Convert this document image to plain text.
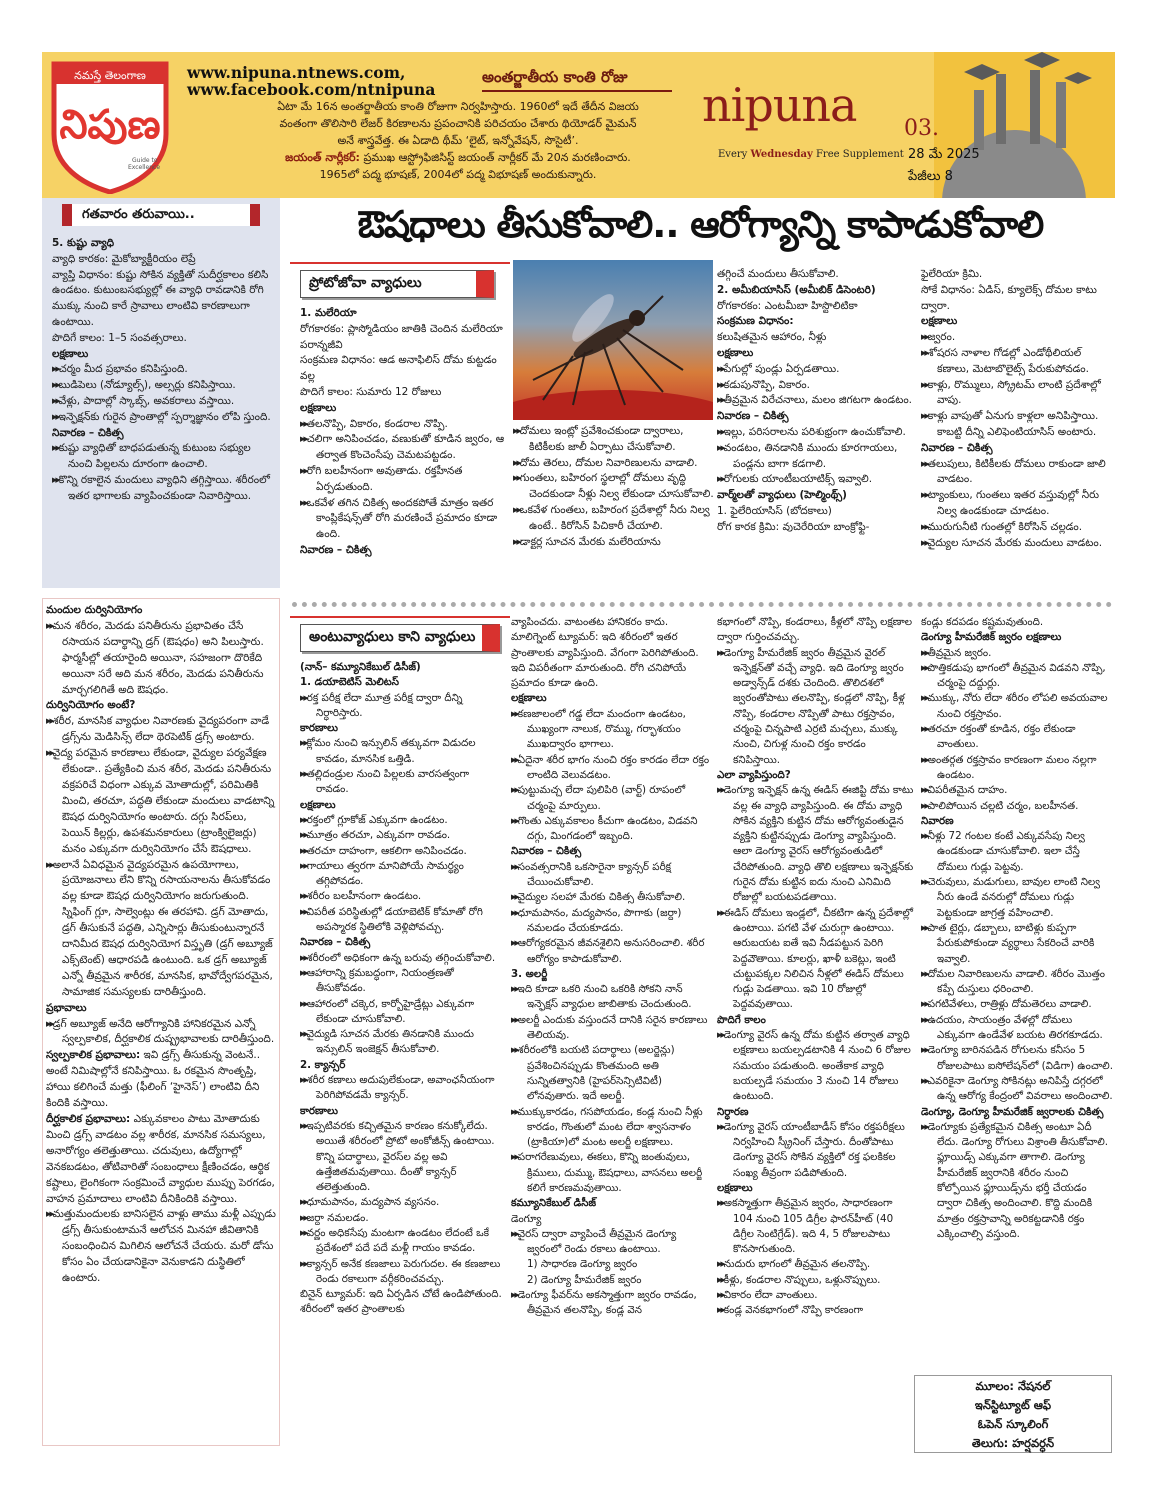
నమస్తే తెలంగాణ
నిపుణ
Guide to
Excellence
www.nipuna.ntnews.com,
www.facebook.com/ntnipuna
అంతర్జాతీయ కాంతి రోజు
ఏటా మే 16న అంతర్జాతీయ కాంతి రోజుగా నిర్వహిస్తారు. 1960లో ఇదే తేదీన విజయ
వంతంగా తొలిసారి లేజర్ కిరణాలను ప్రపంచానికి పరిచయం చేశారు థియోడర్ మైమన్
అనే శాస్త్రవేత్త. ఈ ఏడాది థీమ్ ‘లైట్, ఇన్నోవేషన్, సొసైటీ’.
జయంత్ నార్లీకర్: ప్రముఖ ఆస్ట్రోఫిజిసిస్ట్ జయంత్ నార్లీకర్ మే 20న మరణించారు.
1965లో పద్మ భూషణ్, 2004లో పద్మ విభూషణ్ అందుకున్నారు.
nipuna
Every Wednesday Free Supplement
03.
28 మే 2025
పేజీలు 8
గతవారం తరువాయి..

5. కుష్టు వ్యాధి

వ్యాధి కారకం: మైకోబ్యాక్టీరియం లెప్రే

వ్యాప్తి విధానం: కుష్టు సోకిన వ్యక్తితో సుదీర్ఘకాలం కలిసి ఉండటం. కుటుంబసభ్యుల్లో ఈ వ్యాధి రావడానికి రోగి ముక్కు నుంచి కారే స్రావాలు లాంటివి కారణాలుగా ఉంటాయి.

పొదిగే కాలం: 1–5 సంవత్సరాలు.

లక్షణాలు

▶▶ చర్మం మీద ప్రభావం కనిపిస్తుంది.

▶▶ బుడిపెలు (నోడ్యూల్స్), అల్సర్లు కనిపిస్తాయి.

▶▶ వేళ్లు, పాదాల్లో స్కాబ్స్, అవకరాలు వస్తాయి.

▶▶ ఇన్ఫెక్షన్‌కు గురైన ప్రాంతాల్లో స్పర్శాజ్ఞానం లోపి స్తుంది.

నివారణ – చికిత్స

▶▶ కుష్టు వ్యాధితో బాధపడుతున్న కుటుంబ సభ్యుల నుంచి పిల్లలను దూరంగా ఉంచాలి.

▶▶ కొన్ని రకాలైన మందులు వ్యాధిని తగ్గిస్తాయి. శరీరంలో ఇతర భాగాలకు వ్యాపించకుండా నివారిస్తాయి.

మందుల దుర్వినియోగం

▶▶ మన శరీరం, మెదడు పనితీరును ప్రభావితం చేసే రసాయన పదార్థాన్ని డ్రగ్ (ఔషధం) అని పిలుస్తారు. ఫార్మసీల్లో తయారైంది అయినా, సహజంగా దొరికేది అయినా సరే అది మన శరీరం, మెదడు పనితీరును మార్చగలిగితే అది ఔషధం.

దుర్వినియోగం అంటే?

▶▶ శరీర, మానసిక వ్యాధుల నివారణకు వైద్యపరంగా వాడే డ్రగ్స్‌ను మెడిసిన్స్ లేదా థెరపెటిక్ డ్రగ్స్ అంటారు.

▶▶ వైద్య పరమైన కారణాలు లేకుండా, వైద్యుల పర్యవేక్షణ లేకుండా.. ప్రత్యేకించి మన శరీర, మెదడు పనితీరును వక్రపరిచే విధంగా ఎక్కువ మోతాదుల్లో, పరిమితికి మించి, తరచూ, పద్ధతి లేకుండా మందులు వాడటాన్ని ఔషధ దుర్వినియోగం అంటారు. దగ్గు సిరప్‌లు, పెయిన్ కిల్లర్లు, ఉపశమనకారులు (ట్రాంక్విలైజర్లు) మనం ఎక్కువగా దుర్వినియోగం చేసే ఔషధాలు.

▶▶ అలానే ఏవిధమైన వైద్యపరమైన ఉపయోగాలు, ప్రయోజనాలు లేని కొన్ని రసాయనాలను తీసుకోవడం వల్ల కూడా ఔషధ దుర్వినియోగం జరుగుతుంది. స్నిఫింగ్ గ్లూ, సాల్వెంట్లు ఈ తరహావి. డ్రగ్ మోతాదు, డ్రగ్ తీసుకునే పద్ధతి, ఎన్నిసార్లు తీసుకుంటున్నారనే దానిమీద ఔషధ దుర్వినియోగ విస్తృతి (డ్రగ్ అబ్యూజ్ ఎక్స్‌టెంట్) ఆధారపడి ఉంటుంది. ఒక డ్రగ్ అబ్యూజ్ ఎన్నో తీవ్రమైన శారీరక, మానసిక, భావోద్వేగపరమైన, సామాజిక సమస్యలకు దారితీస్తుంది.

ప్రభావాలు

▶▶ డ్రగ్ అబ్యూజ్ అనేది ఆరోగ్యానికి హానికరమైన ఎన్నో స్వల్పకాలిక, దీర్ఘకాలిక దుష్ప్రభావాలకు దారితీస్తుంది.

స్వల్పకాలిక ప్రభావాలు: ఇవి డ్రగ్స్ తీసుకున్న వెంటనే.. అంటే నిమిషాల్లోనే కనిపిస్తాయి. ఓ రకమైన సొంతృప్తి, హాయి కలిగించే మత్తు (ఫీలింగ్ ‘హైనెస్’) లాంటివి దీని కిందికి వస్తాయి.

దీర్ఘకాలిక ప్రభావాలు: ఎక్కువకాలం పాటు మోతాదుకు మించి డ్రగ్స్ వాడటం వల్ల శారీరక, మానసిక సమస్యలు, అనారోగ్యం తలెత్తుతాయి. చదువులు, ఉద్యోగాల్లో వెనకబడటం, తోటివారితో సంబంధాలు క్షీణించడం, ఆర్థిక కష్టాలు, లైంగికంగా సంక్రమించే వ్యాధుల ముప్పు పెరగడం, వాహన ప్రమాదాలు లాంటివి దీనికిందికి వస్తాయి.

▶▶ మత్తుమందులకు బానిసలైన వాళ్లు తాము మళ్లీ ఎప్పుడు డ్రగ్స్ తీసుకుంటామనే ఆలోచన మినహా జీవితానికి సంబంధించిన మిగిలిన ఆలోచనే చేయరు. మరో డోసు కోసం ఏం చేయడానికైనా వెనుకాడని దుస్థితిలో ఉంటారు.

ఔషధాలు తీసుకోవాలి.. ఆరోగ్యాన్ని కాపాడుకోవాలి
ప్రోటోజోవా వ్యాధులు

1. మలేరియా

రోగకారకం: ప్లాస్మోడియం జాతికి చెందిన మలేరియా పరాన్నజీవి

సంక్రమణ విధానం: ఆడ అనాఫిలిస్ దోమ కుట్టడం వల్ల

పొదిగే కాలం: సుమారు 12 రోజులు

లక్షణాలు

▶▶ తలనొప్పి, వికారం, కండరాల నొప్పి.

▶▶ చలిగా అనిపించడం, వణుకుతో కూడిన జ్వరం, ఆ తర్వాత కొంచెంసేపు చెమటపట్టడం.

▶▶ రోగి బలహీనంగా అవుతాడు. రక్తహీనత ఏర్పడుతుంది.

▶▶ ఒకవేళ తగిన చికిత్స అందకపోతే మాత్రం ఇతర కాంప్లికేషన్స్‌తో రోగి మరణించే ప్రమాదం కూడా ఉంది.

నివారణ – చికిత్స

▶▶ దోమలు ఇంట్లో ప్రవేశించకుండా ద్వారాలు, కిటికీలకు జాలీ ఏర్పాటు చేసుకోవాలి.

▶▶ దోమ తెరలు, దోమల నివారిణులను వాడాలి.

▶▶ గుంతలు, బహిరంగ స్థలాల్లో దోమలు వృద్ధి చెందకుండా నీళ్లు నిల్వ లేకుండా చూసుకోవాలి.

▶▶ ఒకవేళ గుంతలు, బహిరంగ ప్రదేశాల్లో నీరు నిల్వ ఉంటే.. కిరోసిన్ పిచికారీ చేయాలి.

▶▶ డాక్టర్ల సూచన మేరకు మలేరియాను

తగ్గించే మందులు తీసుకోవాలి.

2. అమీబియాసిస్ (అమీబిక్ డిసెంటరి)

రోగకారకం: ఎంటమీబా హిస్టొలిటికా

సంక్రమణ విధానం:

కలుషితమైన ఆహారం, నీళ్లు

లక్షణాలు

▶▶ పేగుల్లో పుండ్లు ఏర్పడతాయి.

▶▶ కడుపునొప్పి, వికారం.

▶▶ తీవ్రమైన విరేచనాలు, మలం జిగటగా ఉండటం.

నివారణ – చికిత్స

▶▶ ఇల్లు, పరిసరాలను పరిశుభ్రంగా ఉంచుకోవాలి.

▶▶ వండటం, తినడానికి ముందు కూరగాయలు, పండ్లను బాగా కడగాలి.

▶▶ రోగులకు యాంటీబయాటిక్స్ ఇవ్వాలి.

వార్మ్‌లతో వ్యాధులు (హెల్మింథ్స్)

1. ఫైలేరియాసిస్ (బోదకాలు)

రోగ కారక క్రిమి: వుచెరేరియా బాంక్రోఫ్టి-

ఫైలేరియా క్రిమి.

సోకే విధానం: ఏడిస్, క్యూలెక్స్ దోమల కాటు ద్వారా.

లక్షణాలు

▶▶ జ్వరం.

▶▶ శోషరస నాళాల గోడల్లో ఎండోథీలియల్ కణాలు, మెటాబొలైట్స్ పేరుకుపోవడం.

▶▶ కాళ్లు, రొమ్ములు, స్క్రోటమ్ లాంటి ప్రదేశాల్లో వాపు.

▶▶ కాళ్లు వాపుతో ఏనుగు కాళ్లలా అనిపిస్తాయి. కాబట్టి దీన్ని ఎలిఫెంటియాసిస్ అంటారు.

నివారణ – చికిత్స

▶▶ తలుపులు, కిటికీలకు దోమలు రాకుండా జాలి వాడటం.

▶▶ ట్యాంకులు, గుంతలు ఇతర వస్తువుల్లో నీరు నిల్వ ఉండకుండా చూడటం.

▶▶ మురుగునీటి గుంతల్లో కిరోసిన్ చల్లడం.

▶▶ వైద్యుల సూచన మేరకు మందులు వాడటం.

అంటువ్యాధులు కాని వ్యాధులు

(నాన్– కమ్యూనికేబుల్ డిసీజ్)

1. డయాబెటిస్ మెలిటస్

▶▶ రక్త పరీక్ష లేదా మూత్ర పరీక్ష ద్వారా దీన్ని నిర్ధారిస్తారు.

కారణాలు

▶▶ క్లోమం నుంచి ఇన్సులిన్ తక్కువగా విడుదల కావడం, మానసిక ఒత్తిడి.

▶▶ తల్లిదండ్రుల నుంచి పిల్లలకు వారసత్వంగా రావడం.

లక్షణాలు

▶▶ రక్తంలో గ్లూకోజ్ ఎక్కువగా ఉండటం.

▶▶ మూత్రం తరచూ, ఎక్కువగా రావడం.

▶▶ తరచూ దాహంగా, ఆకలిగా అనిపించడం.

▶▶ గాయాలు త్వరగా మానిపోయే సామర్థ్యం తగ్గిపోవడం.

▶▶ శరీరం బలహీనంగా ఉండటం.

▶▶ విపరీత పరిస్థితుల్లో డయాబెటిక్ కోమాతో రోగి అపస్మారక స్థితిలోకి వెళ్లిపోవచ్చు.

నివారణ – చికిత్స

▶▶ శరీరంలో అధికంగా ఉన్న బరువు తగ్గించుకోవాలి.

▶▶ ఆహారాన్ని క్రమబద్ధంగా, నియంత్రణతో తీసుకోవడం.

▶▶ ఆహారంలో చక్కెర, కార్బోహైడ్రేట్లు ఎక్కువగా లేకుండా చూసుకోవాలి.

▶▶ వైద్యుడి సూచన మేరకు తినడానికి ముందు ఇన్సులిన్ ఇంజెక్షన్ తీసుకోవాలి.

2. క్యాన్సర్

▶▶ శరీర కణాలు అదుపులేకుండా, అవాంఛనీయంగా పెరిగిపోవడమే క్యాన్సర్.

కారణాలు

▶▶ ఇప్పటివరకు కచ్చితమైన కారణం కనుక్కోలేదు. అయితే శరీరంలో ప్రోటో అంకోజీన్స్ ఉంటాయి. కొన్ని పదార్థాలు, వైరస్‌ల వల్ల అవి ఉత్తేజితమవుతాయి. దీంతో క్యాన్సర్ తలెత్తుతుంది.

▶▶ ధూమపానం, మద్యపాన వ్యసనం.

▶▶ జర్దా నమలడం.

▶▶ వర్ణం అధికసేపు మంటగా ఉండటం లేదంటే ఒకే ప్రదేశంలో పదే పదే మళ్లీ గాయం కావడం.

▶▶ క్యాన్సర్ అనేక కణజాలు పెరుగుదల. ఈ కణజాలు రెండు రకాలుగా వర్గీకరించవచ్చు.

బినైన్ ట్యూమర్: ఇది ఏర్పడిన చోటే ఉండిపోతుంది. శరీరంలో ఇతర ప్రాంతాలకు

వ్యాపించదు. వాటంతట హానికరం కాదు.

మాలిగ్నెంట్ ట్యూమర్: ఇది శరీరంలో ఇతర ప్రాంతాలకు వ్యాపిస్తుంది. వేగంగా పెరిగిపోతుంది. ఇది విపరీతంగా మారుతుంది. రోగి చనిపోయే ప్రమాదం కూడా ఉంది.

లక్షణాలు

▶▶ కణజాలంలో గడ్డ లేదా మందంగా ఉండటం, ముఖ్యంగా నాలుక, రొమ్ము, గర్భాశయం ముఖద్వారం భాగాలు.

▶▶ ఏదైనా శరీర భాగం నుంచి రక్తం కారడం లేదా రక్తం లాంటిది వెలువడటం.

▶▶ పుట్టుమచ్చ లేదా పులిపిరి (వార్ట్) రూపంలో చర్మంపై మార్పులు.

▶▶ గొంతు ఎక్కువకాలం కీచుగా ఉండటం, విడవని దగ్గు, మింగడంలో ఇబ్బంది.

నివారణ – చికిత్స

▶▶ సంవత్సరానికి ఒకసారైనా క్యాన్సర్ పరీక్ష చేయించుకోవాలి.

▶▶ వైద్యుల సలహా మేరకు చికిత్స తీసుకోవాలి.

▶▶ ధూమపానం, మద్యపానం, పొగాకు (జర్దా) నమలడం చేయకూడదు.

▶▶ ఆరోగ్యకరమైన జీవనశైలిని అనుసరించాలి. శరీర ఆరోగ్యం కాపాడుకోవాలి.

3. అలర్జీ

▶▶ ఇది కూడా ఒకరి నుంచి ఒకరికి సోకని నాన్ ఇన్ఫెక్షస్ వ్యాధుల జాబితాకు చెందుతుంది.

▶▶ అలర్జీ ఎందుకు వస్తుందనే దానికి సరైన కారణాలు తెలియవు.

▶▶ శరీరంలోకి బయటి పదార్థాలు (అలర్జెన్లు) ప్రవేశించినప్పుడు కొంతమంది అతి సున్నితత్వానికి (హైపర్‌సెన్సిటివిటీ) లోనవుతారు. ఇదే అలర్జీ.

▶▶ ముక్కుకారడం, గసపోయడం, కండ్ల నుంచి నీళ్లు కారడం, గొంతులో మంట లేదా శ్వాసనాళం (ట్రాకియా)లో మంట అలర్జీ లక్షణాలు.

▶▶ పరాగరేణువులు, ఈకలు, కొన్ని జంతువులు, క్రిములు, దుమ్ము, ఔషధాలు, వాసనలు అలర్జీ కలిగే కారణమవుతాయి.

కమ్యూనికేబుల్ డిసీజ్

డెంగ్యూ

▶▶ వైరస్ ద్వారా వ్యాపించే తీవ్రమైన డెంగ్యూ జ్వరంలో రెండు రకాలు ఉంటాయి.

1) సాధారణ డెంగ్యూ జ్వరం

2) డెంగ్యూ హీమరేజిక్ జ్వరం

▶▶ డెంగ్యూ ఫీవర్‌ను అకస్మాత్తుగా జ్వరం రావడం, తీవ్రమైన తలనొప్పి, కండ్ల వెన

కభాగంలో నొప్పి, కండరాలు, కీళ్లలో నొప్పి లక్షణాల ద్వారా గుర్తించవచ్చు.

▶▶ డెంగ్యూ హీమరేజిక్ జ్వరం తీవ్రమైన వైరల్ ఇన్ఫెక్షన్‌తో వచ్చే వ్యాధి. ఇది డెంగ్యూ జ్వరం అడ్వాన్స్‌డ్ దశకు చెందింది. తొలిదశలో జ్వరంతోపాటు తలనొప్పి, కండ్లలో నొప్పి, కీళ్ల నొప్పి, కండరాల నొప్పితో పాటు రక్తస్రావం, చర్మంపై చిన్నపాటి ఎర్రటి మచ్చలు, ముక్కు నుంచి, చిగుళ్ల నుంచి రక్తం కారడం కనిపిస్తాయి.

ఎలా వ్యాపిస్తుంది?

▶▶ డెంగ్యూ ఇన్ఫెక్షన్ ఉన్న ఈడిస్ ఈజిప్టి దోమ కాటు వల్ల ఈ వ్యాధి వ్యాపిస్తుంది. ఈ దోమ వ్యాధి సోకిన వ్యక్తిని కుట్టిన దోమ ఆరోగ్యవంతుడైన వ్యక్తిని కుట్టినప్పుడు డెంగ్యూ వ్యాపిస్తుంది. ఆలా డెంగ్యూ వైరస్ ఆరోగ్యవంతుడిలో చేరిపోతుంది. వ్యాధి తొలి లక్షణాలు ఇన్ఫెక్షన్‌కు గురైన దోమ కుట్టిన ఐదు నుంచి ఎనిమిది రోజుల్లో బయటపడతాయి.

▶▶ ఈడిస్ దోమలు ఇండ్లలో, చీకటిగా ఉన్న ప్రదేశాల్లో ఉంటాయి. పగటి వేళ చురుగ్గా ఉంటాయి. ఆరుబయట ఐతే ఇవి నీడపట్టున పెరిగి పెద్దవౌతాయి. కూలర్లు, ఖాళీ బకెట్లు, ఇంటి చుట్టుపక్కల నిలిచిన నీళ్లలో ఈడిస్ దోమలు గుడ్లు పెడతాయి. ఇవి 10 రోజుల్లో పెద్దవవుతాయి.

పొదిగే కాలం

▶▶ డెంగ్యూ వైరస్ ఉన్న దోమ కుట్టిన తర్వాత వ్యాధి లక్షణాలు బయల్పడటానికి 4 నుంచి 6 రోజుల సమయం పడుతుంది. అంతేకాక వ్యాధి బయల్పడే సమయం 3 నుంచి 14 రోజులు ఉంటుంది.

నిర్ధారణ

▶▶ డెంగ్యూ వైరస్ యాంటీబాడీస్ కోసం రక్తపరీక్షలు నిర్వహించి స్క్రీనింగ్ చేస్తారు. దీంతోపాటు డెంగ్యూ వైరస్ సోకిన వ్యక్తిలో రక్త ఫలకికల సంఖ్య తీవ్రంగా పడిపోతుంది.

లక్షణాలు

▶▶ అకస్మాత్తుగా తీవ్రమైన జ్వరం, సాధారణంగా 104 నుంచి 105 డిగ్రీల ఫారన్‌హీట్ (40 డిగ్రీల సెంటిగ్రేడ్). ఇది 4, 5 రోజులపాటు కొనసాగుతుంది.

▶▶ నుదురు భాగంలో తీవ్రమైన తలనొప్పి.

▶▶ కీళ్లు, కండరాల నొప్పులు, ఒళ్లునొప్పులు.

▶▶ వికారం లేదా వాంతులు.

▶▶ కండ్ల వెనకభాగంలో నొప్పి కారణంగా

కండ్లు కదపడం కష్టమవుతుంది.

డెంగ్యూ హీమరేజిక్ జ్వరం లక్షణాలు

▶▶ తీవ్రమైన జ్వరం.

▶▶ పొత్తికడుపు భాగంలో తీవ్రమైన విడవని నొప్పి, చర్మంపై దద్దుర్లు.

▶▶ ముక్కు, నోరు లేదా శరీరం లోపలి అవయవాల నుంచి రక్తస్రావం.

▶▶ తరచూ రక్తంతో కూడిన, రక్తం లేకుండా వాంతులు.

▶▶ అంతర్గత రక్తస్రావం కారణంగా మలం నల్లగా ఉండటం.

▶▶ విపరీతమైన దాహం.

▶▶ పాలిపోయిన చల్లటి చర్మం, బలహీనత.

నివారణ

▶▶ నీళ్లు 72 గంటల కంటే ఎక్కువసేపు నిల్వ ఉండకుండా చూసుకోవాలి. ఇలా చేస్తే దోమలు గుడ్లు పెట్టవు.

▶▶ చెరువులు, మడుగులు, బావుల లాంటి నిల్వ నీరు ఉండే వనరుల్లో దోమలు గుడ్లు పెట్టకుండా జాగ్రత్త వహించాలి.

▶▶ పాత టైర్లు, డబ్బాలు, బాటిళ్లు కుప్పగా పేరుకుపోకుండా వ్యర్థాలు సేకరించే వారికి ఇవ్వాలి.

▶▶ దోమల నివారిణులను వాడాలి. శరీరం మొత్తం కప్పే దుస్తులు ధరించాలి.

▶▶ పగటివేళలు, రాత్రిళ్లు దోమతెరలు వాడాలి.

▶▶ ఉదయం, సాయంత్రం వేళల్లో దోమలు ఎక్కువగా ఉండేవేళ బయట తిరగకూడదు.

▶▶ డెంగ్యూ బారినపడిన రోగులను కనీసం 5 రోజులపాటు ఐసోలేషన్‌లో (విడిగా) ఉంచాలి.

▶▶ ఎవరికైనా డెంగ్యూ సోకినట్లు అనిపిస్తే దగ్గరలో ఉన్న ఆరోగ్య కేంద్రంలో వివరాలు అందించాలి.

డెంగ్యూ, డెంగ్యూ హీమరేజిక్ జ్వరాలకు చికిత్స

▶▶ డెంగ్యూకు ప్రత్యేకమైన చికిత్స అంటూ ఏదీ లేదు. డెంగ్యూ రోగులు విశ్రాంతి తీసుకోవాలి. ఫ్లూయిడ్స్ ఎక్కువగా తాగాలి. డెంగ్యూ హీమరేజిక్ జ్వరానికి శరీరం నుంచి కోల్పోయిన ఫ్లూయిడ్స్‌ను భర్తీ చేయడం ద్వారా చికిత్స అందించాలి. కొద్ది మందికి మాత్రం రక్తస్రావాన్ని అరికట్టడానికి రక్తం ఎక్కించాల్సి వస్తుంది.

మూలం: నేషనల్
ఇన్‌స్టిట్యూట్ ఆఫ్
ఓపెన్ స్కూలింగ్
తెలుగు: హర్షవర్ధన్
